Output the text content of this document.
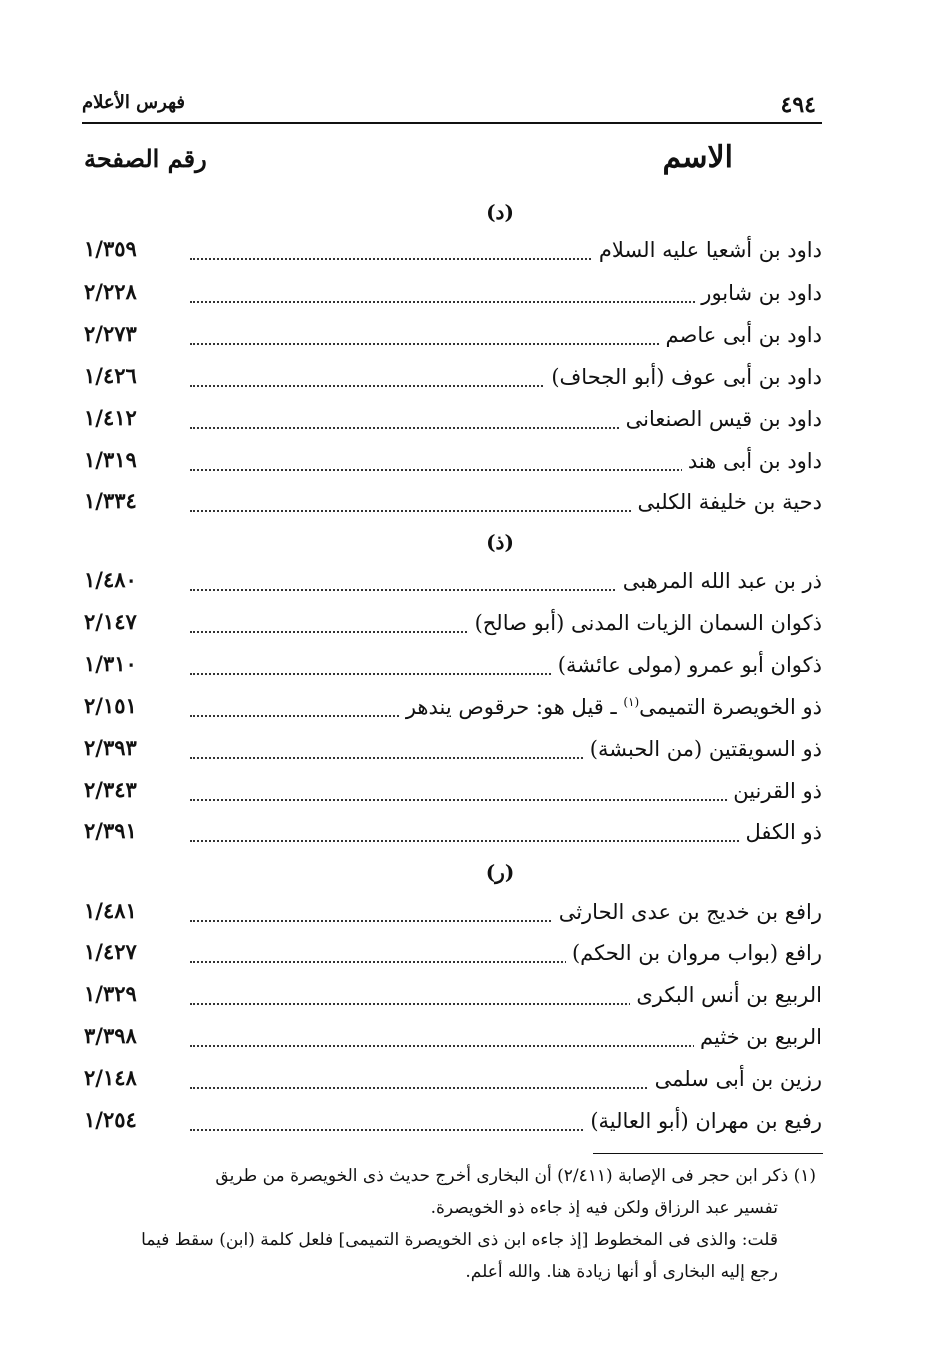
٤٩٤
فهرس الأعلام
الاسم
رقم الصفحة
(د)
داود بن أشعيا عليه السلام
١/٣٥٩
داود بن شابور
٢/٢٢٨
داود بن أبى عاصم
٢/٢٧٣
داود بن أبى عوف (أبو الجحاف)
١/٤٢٦
داود بن قيس الصنعانى
١/٤١٢
داود بن أبى هند
١/٣١٩
دحية بن خليفة الكلبى
١/٣٣٤
(ذ)
ذر بن عبد الله المرهبى
١/٤٨٠
ذكوان السمان الزيات المدنى (أبو صالح)
٢/١٤٧
ذكوان أبو عمرو (مولى عائشة)
١/٣١٠
ذو الخويصرة التميمى$^{(١)}$ ـ قيل هو: حرقوص يندهر
٢/١٥١
ذو السويقتين (من الحبشة)
٢/٣٩٣
ذو القرنين
٢/٣٤٣
ذو الكفل
٢/٣٩١
(ر)
رافع بن خديج بن عدى الحارثى
١/٤٨١
رافع (بواب مروان بن الحكم)
١/٤٢٧
الربيع بن أنس البكرى
١/٣٢٩
الربيع بن خثيم
٣/٣٩٨
رزين بن أبى سلمى
٢/١٤٨
رفيع بن مهران (أبو العالية)
١/٢٥٤

(١) ذكر ابن حجر فى الإصابة (٢/٤١١) أن البخارى أخرج حديث ذى الخويصرة من طريق

تفسير عبد الرزاق ولكن فيه إذ جاءه ذو الخويصرة.

قلت: والذى فى المخطوط [إذ جاءه ابن ذى الخويصرة التميمى] فلعل كلمة (ابن) سقط فيما

رجع إليه البخارى أو أنها زيادة هنا. والله أعلم.
